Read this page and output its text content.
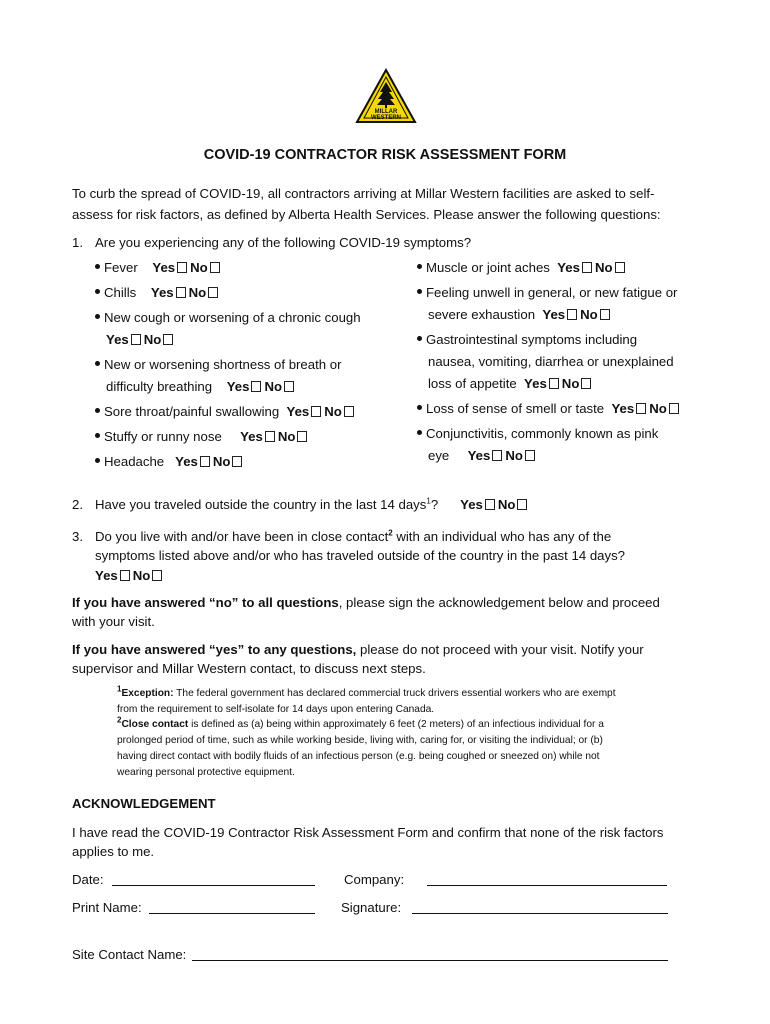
MILLAR
WESTERN
COVID-19 CONTRACTOR RISK ASSESSMENT FORM
To curb the spread of COVID-19, all contractors arriving at Millar Western facilities are asked to self-
assess for risk factors, as defined by Alberta Health Services. Please answer the following questions:
1. Are you experiencing any of the following COVID-19 symptoms?
Fever Yes No
Chills Yes No
New cough or worsening of a chronic cough
Yes No
New or worsening shortness of breath or
difficulty breathing Yes No
Sore throat/painful swallowing Yes No
Stuffy or runny nose Yes No
Headache Yes No
Muscle or joint aches Yes No
Feeling unwell in general, or new fatigue or
severe exhaustion Yes No
Gastrointestinal symptoms including
nausea, vomiting, diarrhea or unexplained
loss of appetite Yes No
Loss of sense of smell or taste Yes No
Conjunctivitis, commonly known as pink
eye Yes No
2. Have you traveled outside the country in the last 14 days$^1$? Yes No
3. Do you live with and/or have been in close contact$^2$ with an individual who has any of the
symptoms listed above and/or who has traveled outside of the country in the past 14 days?
Yes No
If you have answered “no” to all questions, please sign the acknowledgement below and proceed
with your visit.
If you have answered “yes” to any questions, please do not proceed with your visit. Notify your
supervisor and Millar Western contact, to discuss next steps.
$^1$Exception: The federal government has declared commercial truck drivers essential workers who are exempt
from the requirement to self-isolate for 14 days upon entering Canada.
$^2$Close contact is defined as (a) being within approximately 6 feet (2 meters) of an infectious individual for a
prolonged period of time, such as while working beside, living with, caring for, or visiting the individual; or (b)
having direct contact with bodily fluids of an infectious person (e.g. being coughed or sneezed on) while not
wearing personal protective equipment.
ACKNOWLEDGEMENT
I have read the COVID-19 Contractor Risk Assessment Form and confirm that none of the risk factors
applies to me.
Date:	Company:
Print Name:	Signature:
Site Contact Name:
